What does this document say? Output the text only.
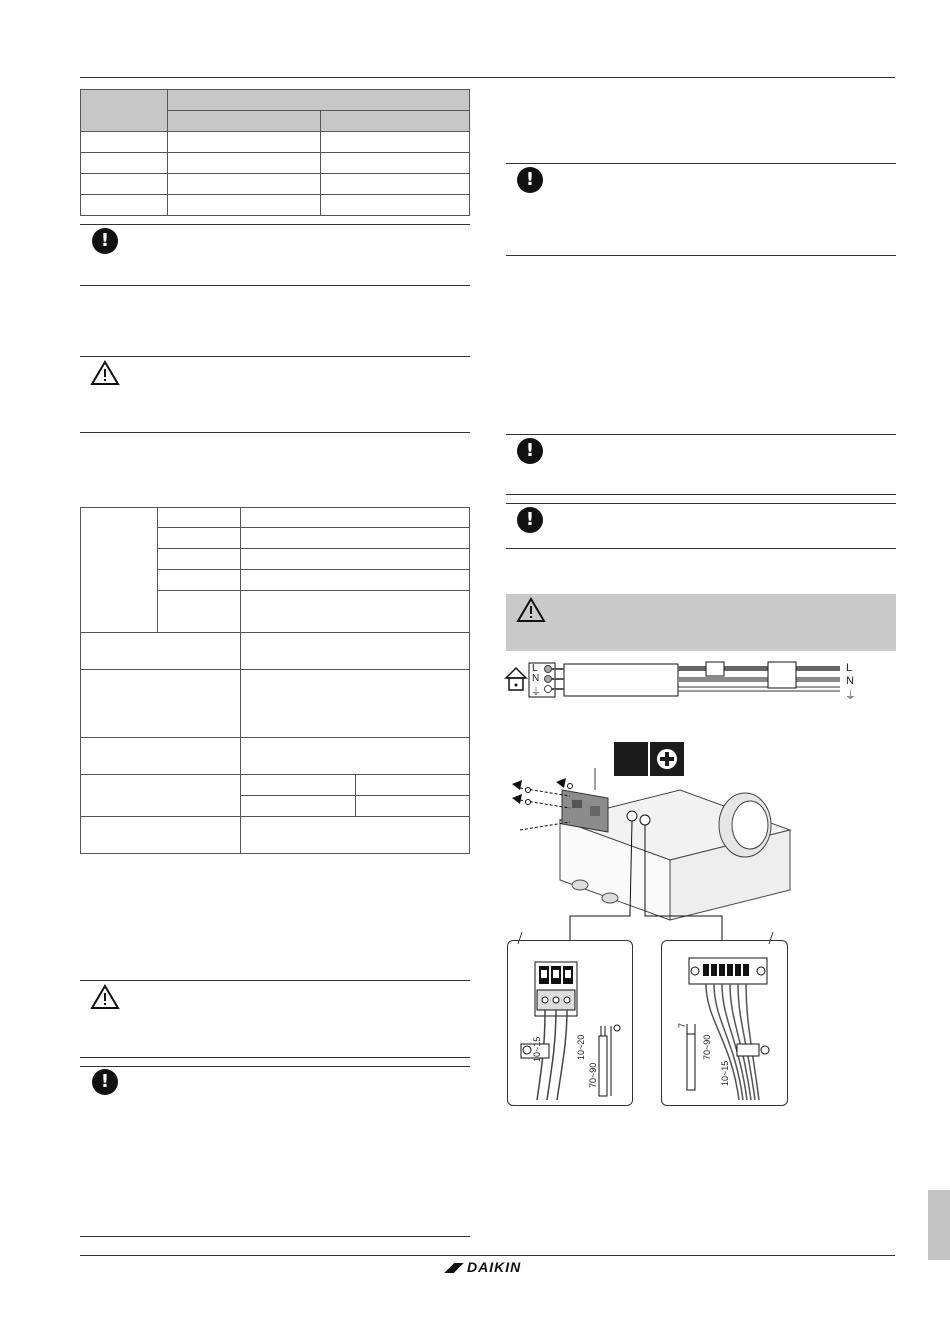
!

!
!
!
!
L
N
⏚
L
N
⏚
10~15	10~20
70~90
7
70~90
10~15
DAIKIN
